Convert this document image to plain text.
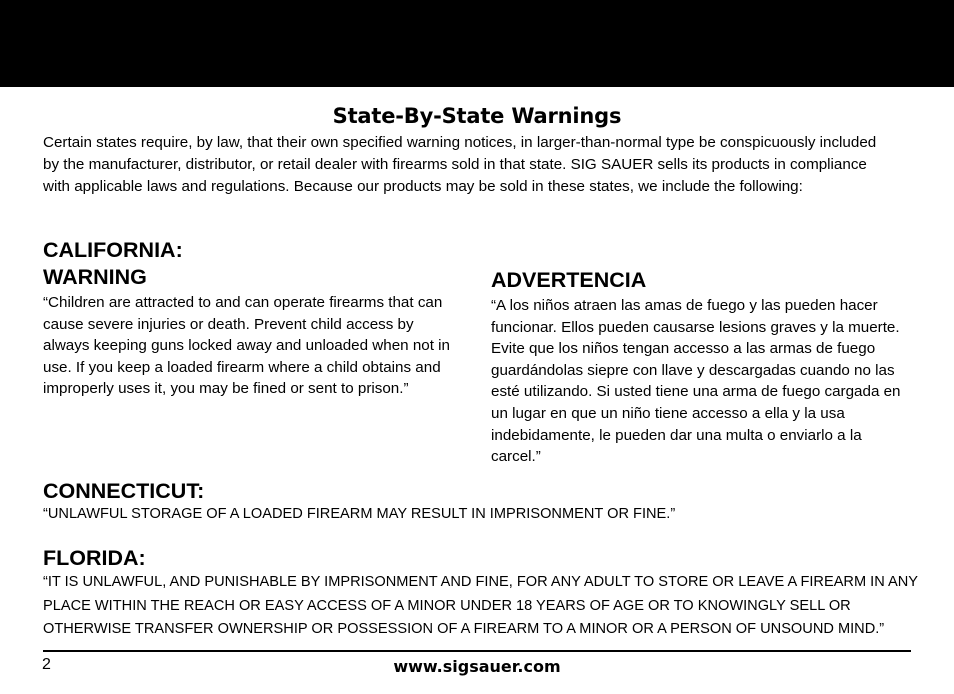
State-By-State Warnings

Certain states require, by law, that their own specified warning notices, in larger-than-normal type be conspicuously included by the manufacturer, distributor, or retail dealer with firearms sold in that state. SIG SAUER sells its products in compliance with applicable laws and regulations. Because our products may be sold in these states, we include the following:

CALIFORNIA:
WARNING

“Children are attracted to and can operate firearms that can cause severe injuries or death. Prevent child access by always keeping guns locked away and unloaded when not in use. If you keep a loaded firearm where a child obtains and improperly uses it, you may be fined or sent to prison.”

ADVERTENCIA

“A los niños atraen las amas de fuego y las pueden hacer funcionar. Ellos pueden causarse lesions graves y la muerte. Evite que los niños tengan accesso a las armas de fuego guardándolas siepre con llave y descargadas cuando no las esté utilizando. Si usted tiene una arma de fuego cargada en un lugar en que un niño tiene accesso a ella y la usa indebidamente, le pueden dar una multa o enviarlo a la carcel.”

CONNECTICUT:

“UNLAWFUL STORAGE OF A LOADED FIREARM MAY RESULT IN IMPRISONMENT OR FINE.”

FLORIDA:

“IT IS UNLAWFUL, AND PUNISHABLE BY IMPRISONMENT AND FINE, FOR ANY ADULT TO STORE OR LEAVE A FIREARM IN ANY PLACE WITHIN THE REACH OR EASY ACCESS OF A MINOR UNDER 18 YEARS OF AGE OR TO KNOWINGLY SELL OR OTHERWISE TRANSFER OWNERSHIP OR POSSESSION OF A FIREARM TO A MINOR OR A PERSON OF UNSOUND MIND.”

2	www.sigsauer.com
